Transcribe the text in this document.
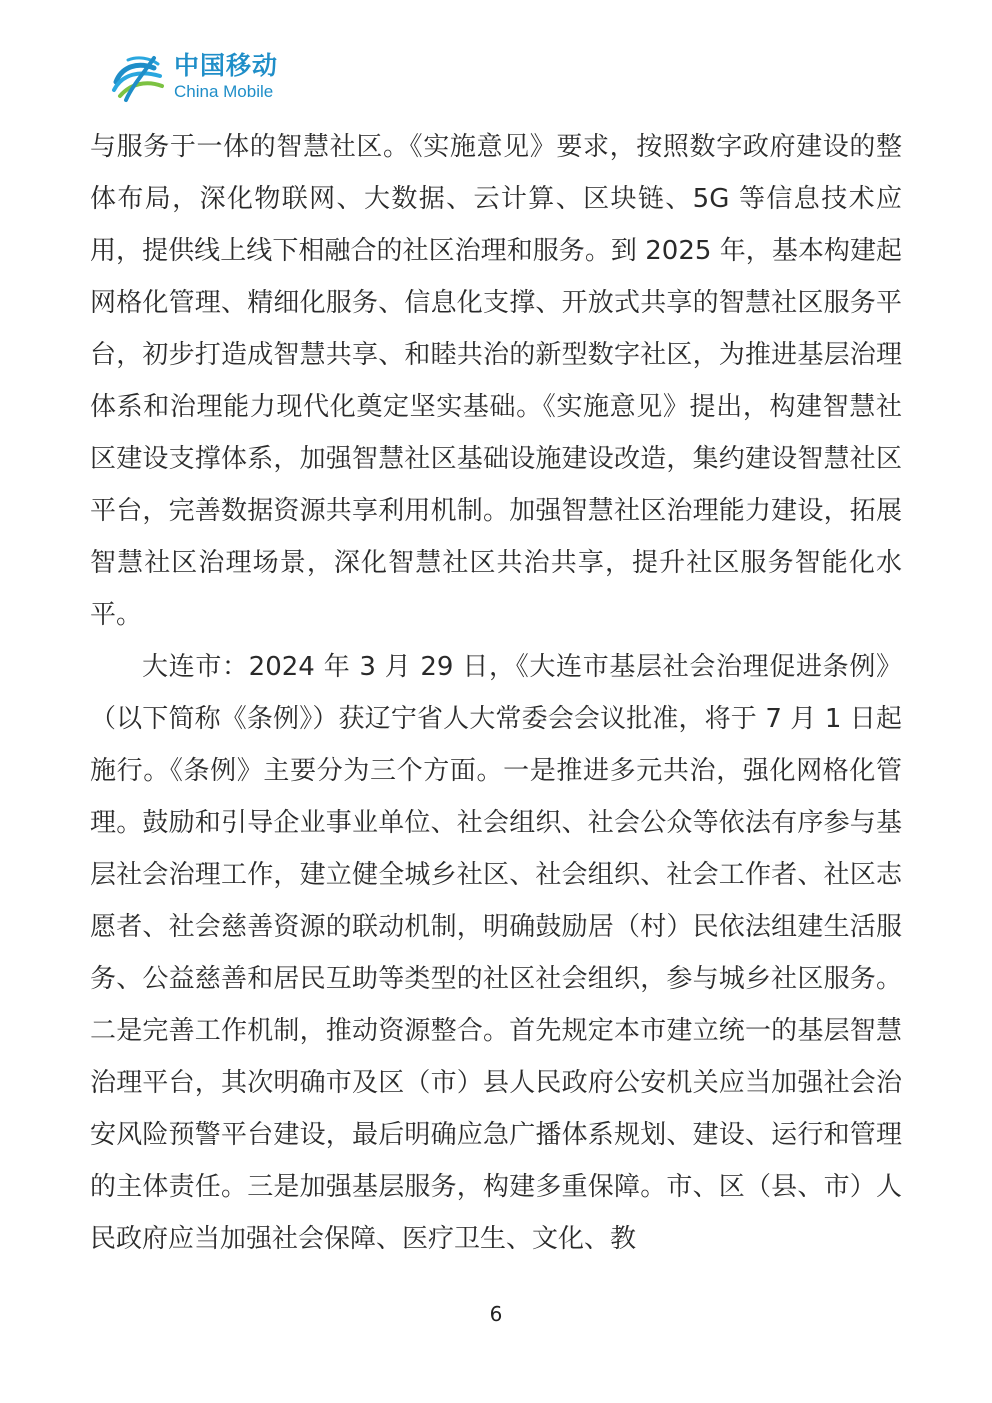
中国移动
China Mobile

与服务于一体的智慧社区。《实施意见》要求，按照数字政府建设的整体布局，深化物联网、大数据、云计算、区块链、5G 等信息技术应用，提供线上线下相融合的社区治理和服务。到 2025 年，基本构建起网格化管理、精细化服务、信息化支撑、开放式共享的智慧社区服务平台，初步打造成智慧共享、和睦共治的新型数字社区，为推进基层治理体系和治理能力现代化奠定坚实基础。《实施意见》提出，构建智慧社区建设支撑体系，加强智慧社区基础设施建设改造，集约建设智慧社区平台，完善数据资源共享利用机制。加强智慧社区治理能力建设，拓展智慧社区治理场景，深化智慧社区共治共享，提升社区服务智能化水平。

大连市：2024 年 3 月 29 日，《大连市基层社会治理促进条例》（以下简称《条例》）获辽宁省人大常委会会议批准，将于 7 月 1 日起施行。《条例》主要分为三个方面。一是推进多元共治，强化网格化管理。鼓励和引导企业事业单位、社会组织、社会公众等依法有序参与基层社会治理工作，建立健全城乡社区、社会组织、社会工作者、社区志愿者、社会慈善资源的联动机制，明确鼓励居（村）民依法组建生活服务、公益慈善和居民互助等类型的社区社会组织，参与城乡社区服务。二是完善工作机制，推动资源整合。首先规定本市建立统一的基层智慧治理平台，其次明确市及区（市）县人民政府公安机关应当加强社会治安风险预警平台建设，最后明确应急广播体系规划、建设、运行和管理的主体责任。三是加强基层服务，构建多重保障。市、区（县、市）人民政府应当加强社会保障、医疗卫生、文化、教

6
